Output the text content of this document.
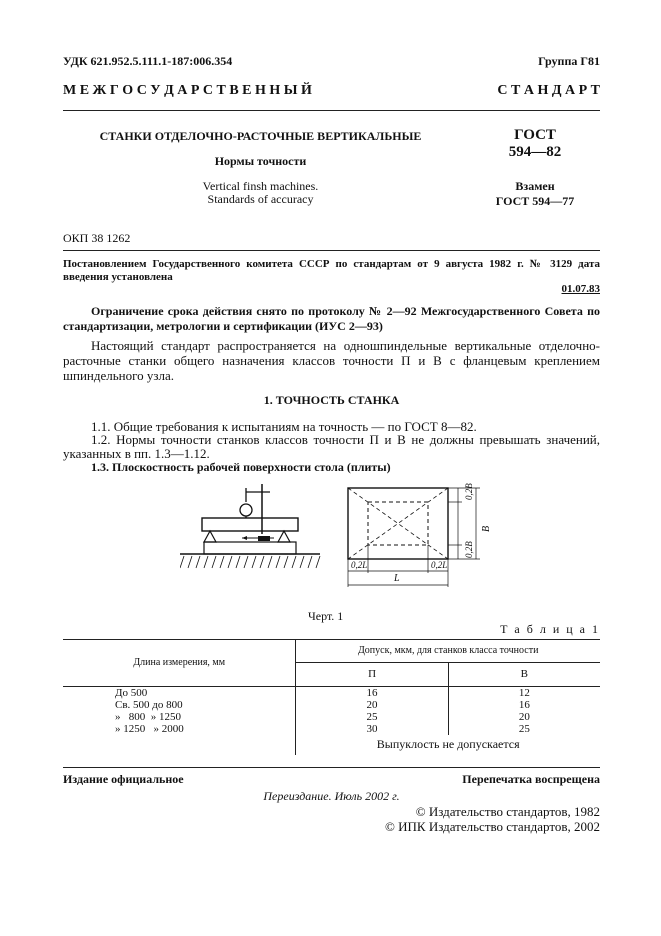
УДК 621.952.5.111.1-187:006.354	Группа Г81
М Е Ж Г О С У Д А Р С Т В Е Н Н Ы Й	С Т А Н Д А Р Т
СТАНКИ ОТДЕЛОЧНО-РАСТОЧНЫЕ ВЕРТИКАЛЬНЫЕ
Нормы точности
Vertical finsh machines.
Standards of accuracy
ГОСТ
594—82
Взамен
ГОСТ 594—77
ОКП 38 1262
Постановлением Государственного комитета СССР по стандартам от 9 августа 1982 г. № 3129 дата введения установлена
01.07.83
Ограничение срока действия снято по протоколу № 2—92 Межгосударственного Совета по стандартизации, метрологии и сертификации (ИУС 2—93)
Настоящий стандарт распространяется на одношпиндельные вертикальные отделочно-расточные станки общего назначения классов точности П и В с фланцевым креплением шпиндельного узла.
1. ТОЧНОСТЬ СТАНКА
1.1. Общие требования к испытаниям на точность — по ГОСТ 8—82.
1.2. Нормы точности станков классов точности П и В не должны превышать значений, указанных в пп. 1.3—1.12.
1.3. Плоскостность рабочей поверхности стола (плиты)
0,2B
0,2B
B
0,2L	0,2L
L
Черт. 1
Т а б л и ц а 1
Длина измерения, мм	Допуск, мкм, для станков класса точности	
	П	В

До 500	16	12
Св. 500 до 800	20	16
»   800  » 1250	25	20
» 1250   » 2000	30	25
	Выпуклость не допускается	
Издание официальное	Перепечатка воспрещена
Переиздание. Июль 2002 г.
© Издательство стандартов, 1982
© ИПК Издательство стандартов, 2002
